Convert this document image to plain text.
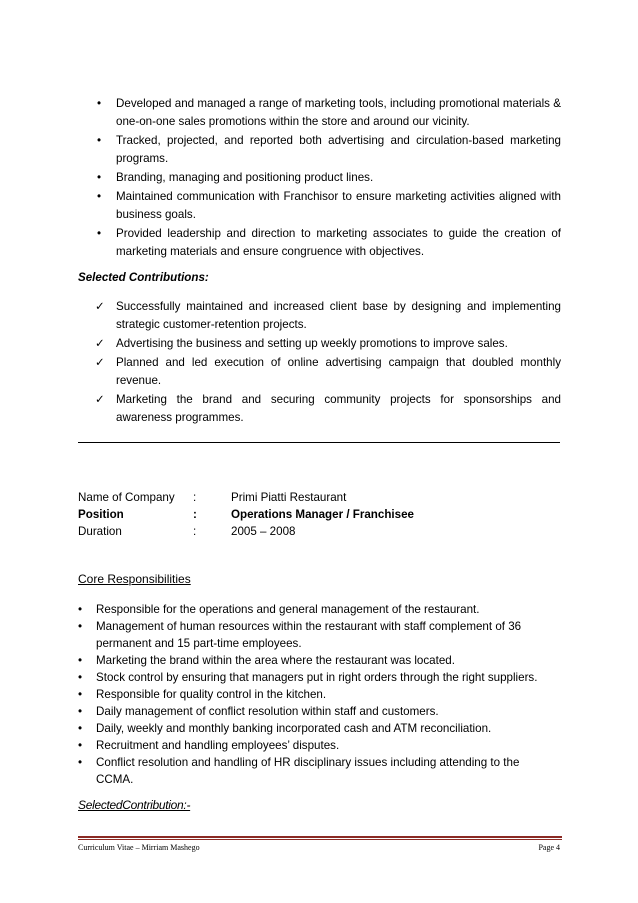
• Developed and managed a range of marketing tools, including promotional materials & one-on-one sales promotions within the store and around our vicinity.
• Tracked, projected, and reported both advertising and circulation-based marketing programs.
• Branding, managing and positioning product lines.
• Maintained communication with Franchisor to ensure marketing activities aligned with business goals.
• Provided leadership and direction to marketing associates to guide the creation of marketing materials and ensure congruence with objectives.
Selected Contributions:
✓ Successfully maintained and increased client base by designing and implementing strategic customer-retention projects.
✓ Advertising the business and setting up weekly promotions to improve sales.
✓ Planned and led execution of online advertising campaign that doubled monthly revenue.
✓ Marketing the brand and securing community projects for sponsorships and awareness programmes.
Name of Company :	Primi Piatti Restaurant
Position	:	Operations Manager / Franchisee
Duration	:	2005 – 2008
Core Responsibilities
• Responsible for the operations and general management of the restaurant.
• Management of human resources within the restaurant with staff complement of 36 permanent and 15 part-time employees.
• Marketing the brand within the area where the restaurant was located.
• Stock control by ensuring that managers put in right orders through the right suppliers.
• Responsible for quality control in the kitchen.
• Daily management of conflict resolution within staff and customers.
• Daily, weekly and monthly banking incorporated cash and ATM reconciliation.
• Recruitment and handling employees’ disputes.
• Conflict resolution and handling of HR disciplinary issues including attending to the CCMA.
SelectedContribution:-
Curriculum Vitae – Mirriam Mashego	Page 4
